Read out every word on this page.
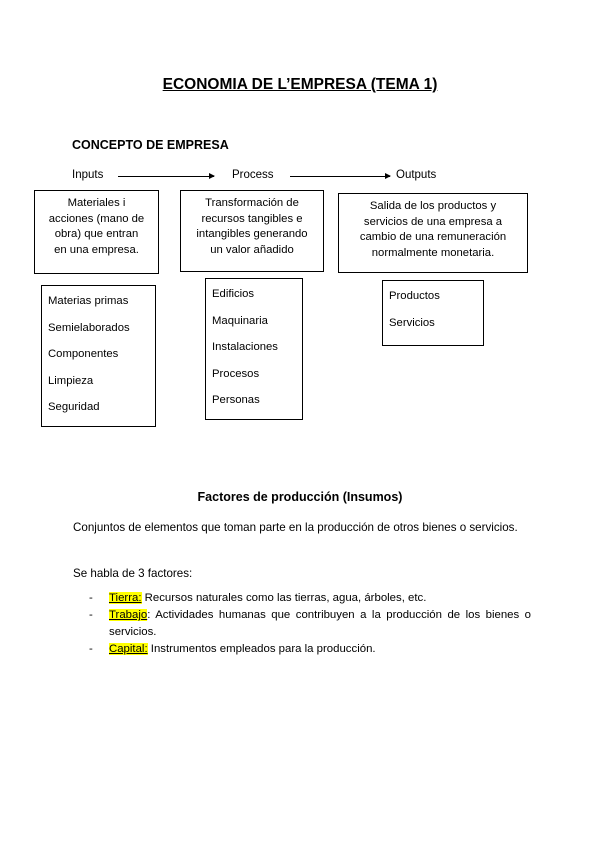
ECONOMIA DE L’EMPRESA (TEMA 1)
CONCEPTO DE EMPRESA
Inputs	Process	Outputs
Materiales i
acciones (mano de
obra) que entran
en una empresa.
Transformación de
recursos tangibles e
intangibles generando
un valor añadido
Salida de los productos y
servicios de una empresa a
cambio de una remuneración
normalmente monetaria.
Materias primas
Semielaborados
Componentes
Limpieza
Seguridad
Edificios
Maquinaria
Instalaciones
Procesos
Personas
Productos
Servicios
Factores de producción (Insumos)
Conjuntos de elementos que toman parte en la producción de otros bienes o servicios.
Se habla de 3 factores:
- Tierra: Recursos naturales como las tierras, agua, árboles, etc.
- Trabajo: Actividades humanas que contribuyen a la producción de los bienes o servicios.
- Capital: Instrumentos empleados para la producción.
